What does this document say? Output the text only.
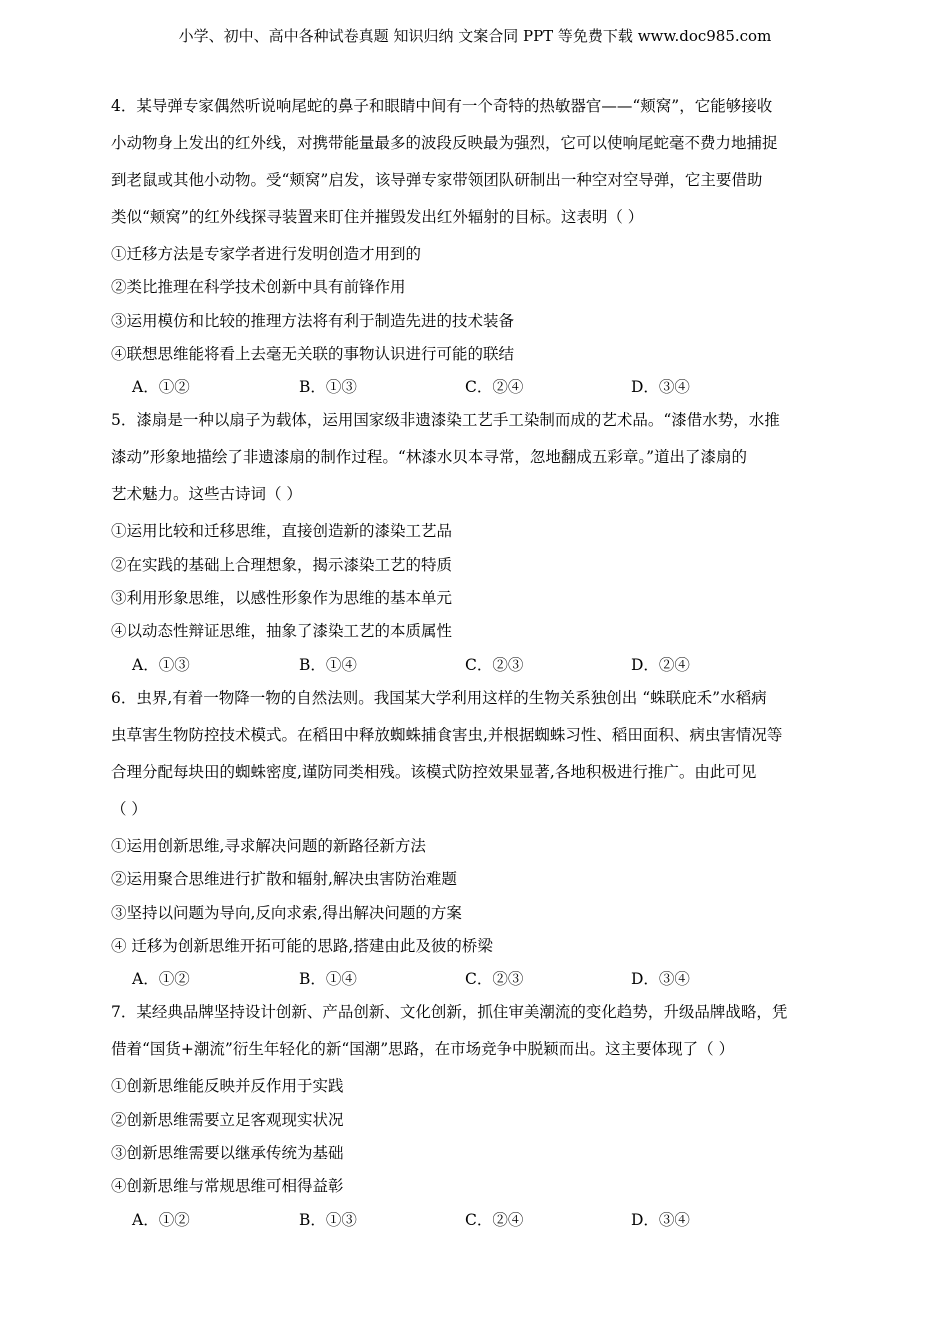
小学、初中、高中各种试卷真题 知识归纳 文案合同 PPT 等免费下载 www.doc985.com
4．某导弹专家偶然听说响尾蛇的鼻子和眼睛中间有一个奇特的热敏器官——“颊窝”，它能够接收
小动物身上发出的红外线，对携带能量最多的波段反映最为强烈，它可以使响尾蛇毫不费力地捕捉
到老鼠或其他小动物。受“颊窝”启发，该导弹专家带领团队研制出一种空对空导弹，它主要借助
类似“颊窝”的红外线探寻装置来盯住并摧毁发出红外辐射的目标。这表明（ ）
①迁移方法是专家学者进行发明创造才用到的
②类比推理在科学技术创新中具有前锋作用
③运用模仿和比较的推理方法将有利于制造先进的技术装备
④联想思维能将看上去毫无关联的事物认识进行可能的联结
A．①②	B．①③	C．②④	D．③④
5．漆扇是一种以扇子为载体，运用国家级非遗漆染工艺手工染制而成的艺术品。“漆借水势，水推
漆动”形象地描绘了非遗漆扇的制作过程。“林漆水贝本寻常，忽地翻成五彩章。”道出了漆扇的
艺术魅力。这些古诗词（ ）
①运用比较和迁移思维，直接创造新的漆染工艺品
②在实践的基础上合理想象，揭示漆染工艺的特质
③利用形象思维，以感性形象作为思维的基本单元
④以动态性辩证思维，抽象了漆染工艺的本质属性
A．①③	B．①④	C．②③	D．②④
6．虫界,有着一物降一物的自然法则。我国某大学利用这样的生物关系独创出 “蛛联庇禾”水稻病
虫草害生物防控技术模式。在稻田中释放蜘蛛捕食害虫,并根据蜘蛛习性、稻田面积、病虫害情况等
合理分配每块田的蜘蛛密度,谨防同类相残。该模式防控效果显著,各地积极进行推广。由此可见
（ ）
①运用创新思维,寻求解决问题的新路径新方法
②运用聚合思维进行扩散和辐射,解决虫害防治难题
③坚持以问题为导向,反向求索,得出解决问题的方案
④ 迁移为创新思维开拓可能的思路,搭建由此及彼的桥梁
A．①②	B．①④	C．②③	D．③④
7．某经典品牌坚持设计创新、产品创新、文化创新，抓住审美潮流的变化趋势，升级品牌战略，凭
借着“国货+潮流”衍生年轻化的新“国潮”思路，在市场竞争中脱颖而出。这主要体现了（ ）
①创新思维能反映并反作用于实践
②创新思维需要立足客观现实状况
③创新思维需要以继承传统为基础
④创新思维与常规思维可相得益彰
A．①②	B．①③	C．②④	D．③④
